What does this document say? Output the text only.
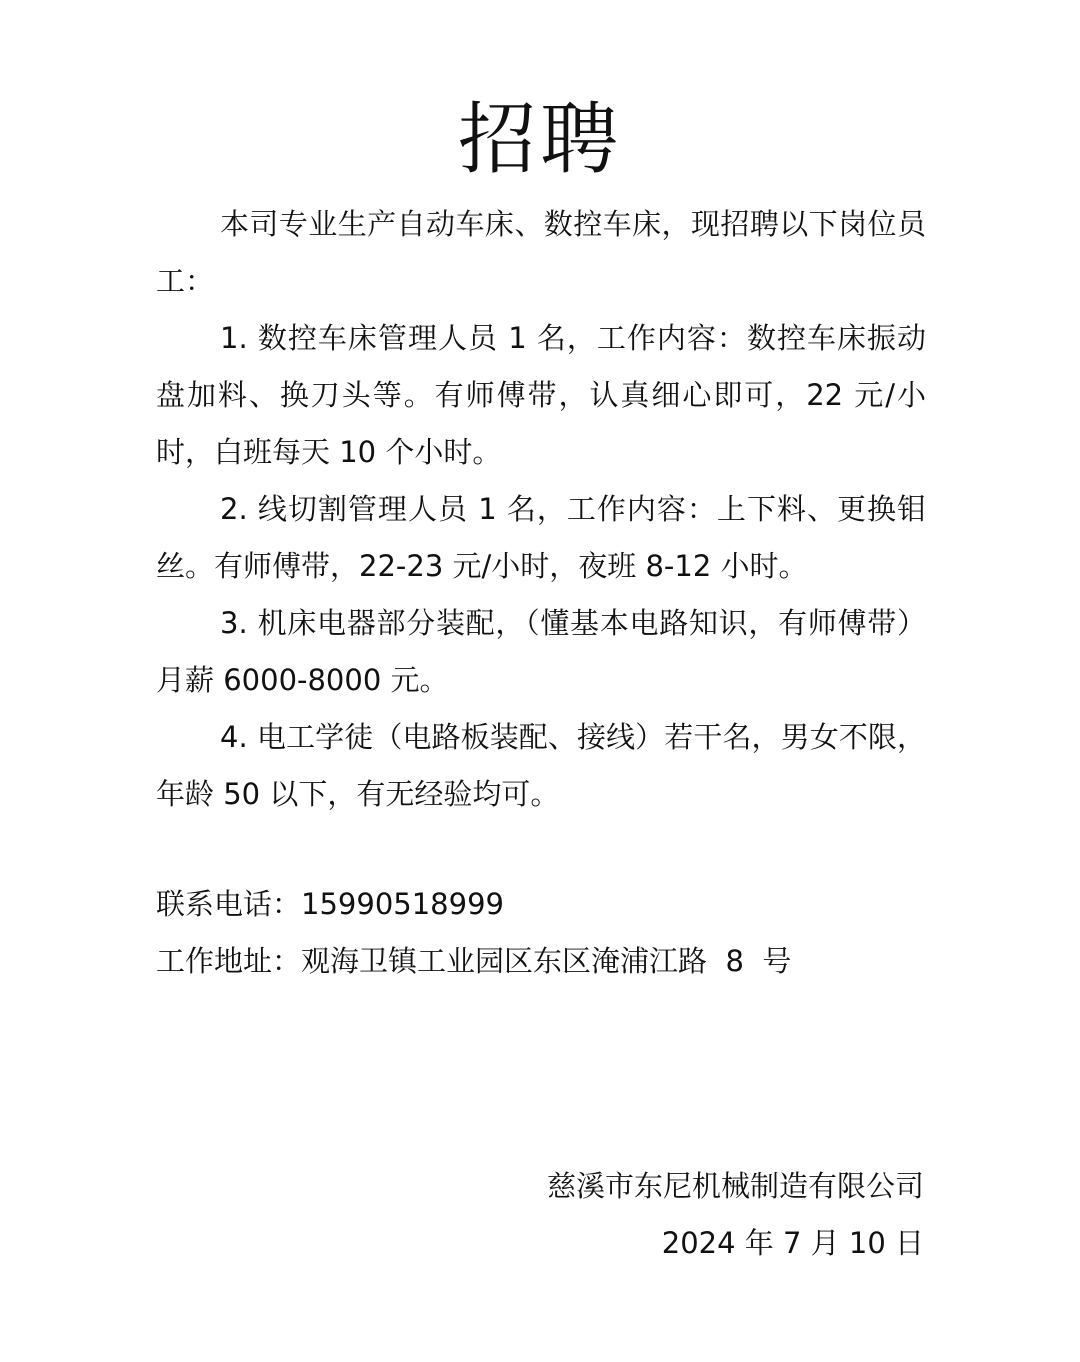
招聘

本司专业生产自动车床、数控车床，现招聘以下岗位员工：

1. 数控车床管理人员 1 名，工作内容：数控车床振动盘加料、换刀头等。有师傅带，认真细心即可，22 元/小时，白班每天 10 个小时。

2. 线切割管理人员 1 名，工作内容：上下料、更换钼丝。有师傅带，22-23 元/小时，夜班 8-12 小时。

3. 机床电器部分装配，（懂基本电路知识，有师傅带）月薪 6000-8000 元。

4. 电工学徒（电路板装配、接线）若干名，男女不限，年龄 50 以下，有无经验均可。

联系电话：15990518999

工作地址：观海卫镇工业园区东区淹浦江路  8  号

慈溪市东尼机械制造有限公司
2024 年 7 月 10 日
